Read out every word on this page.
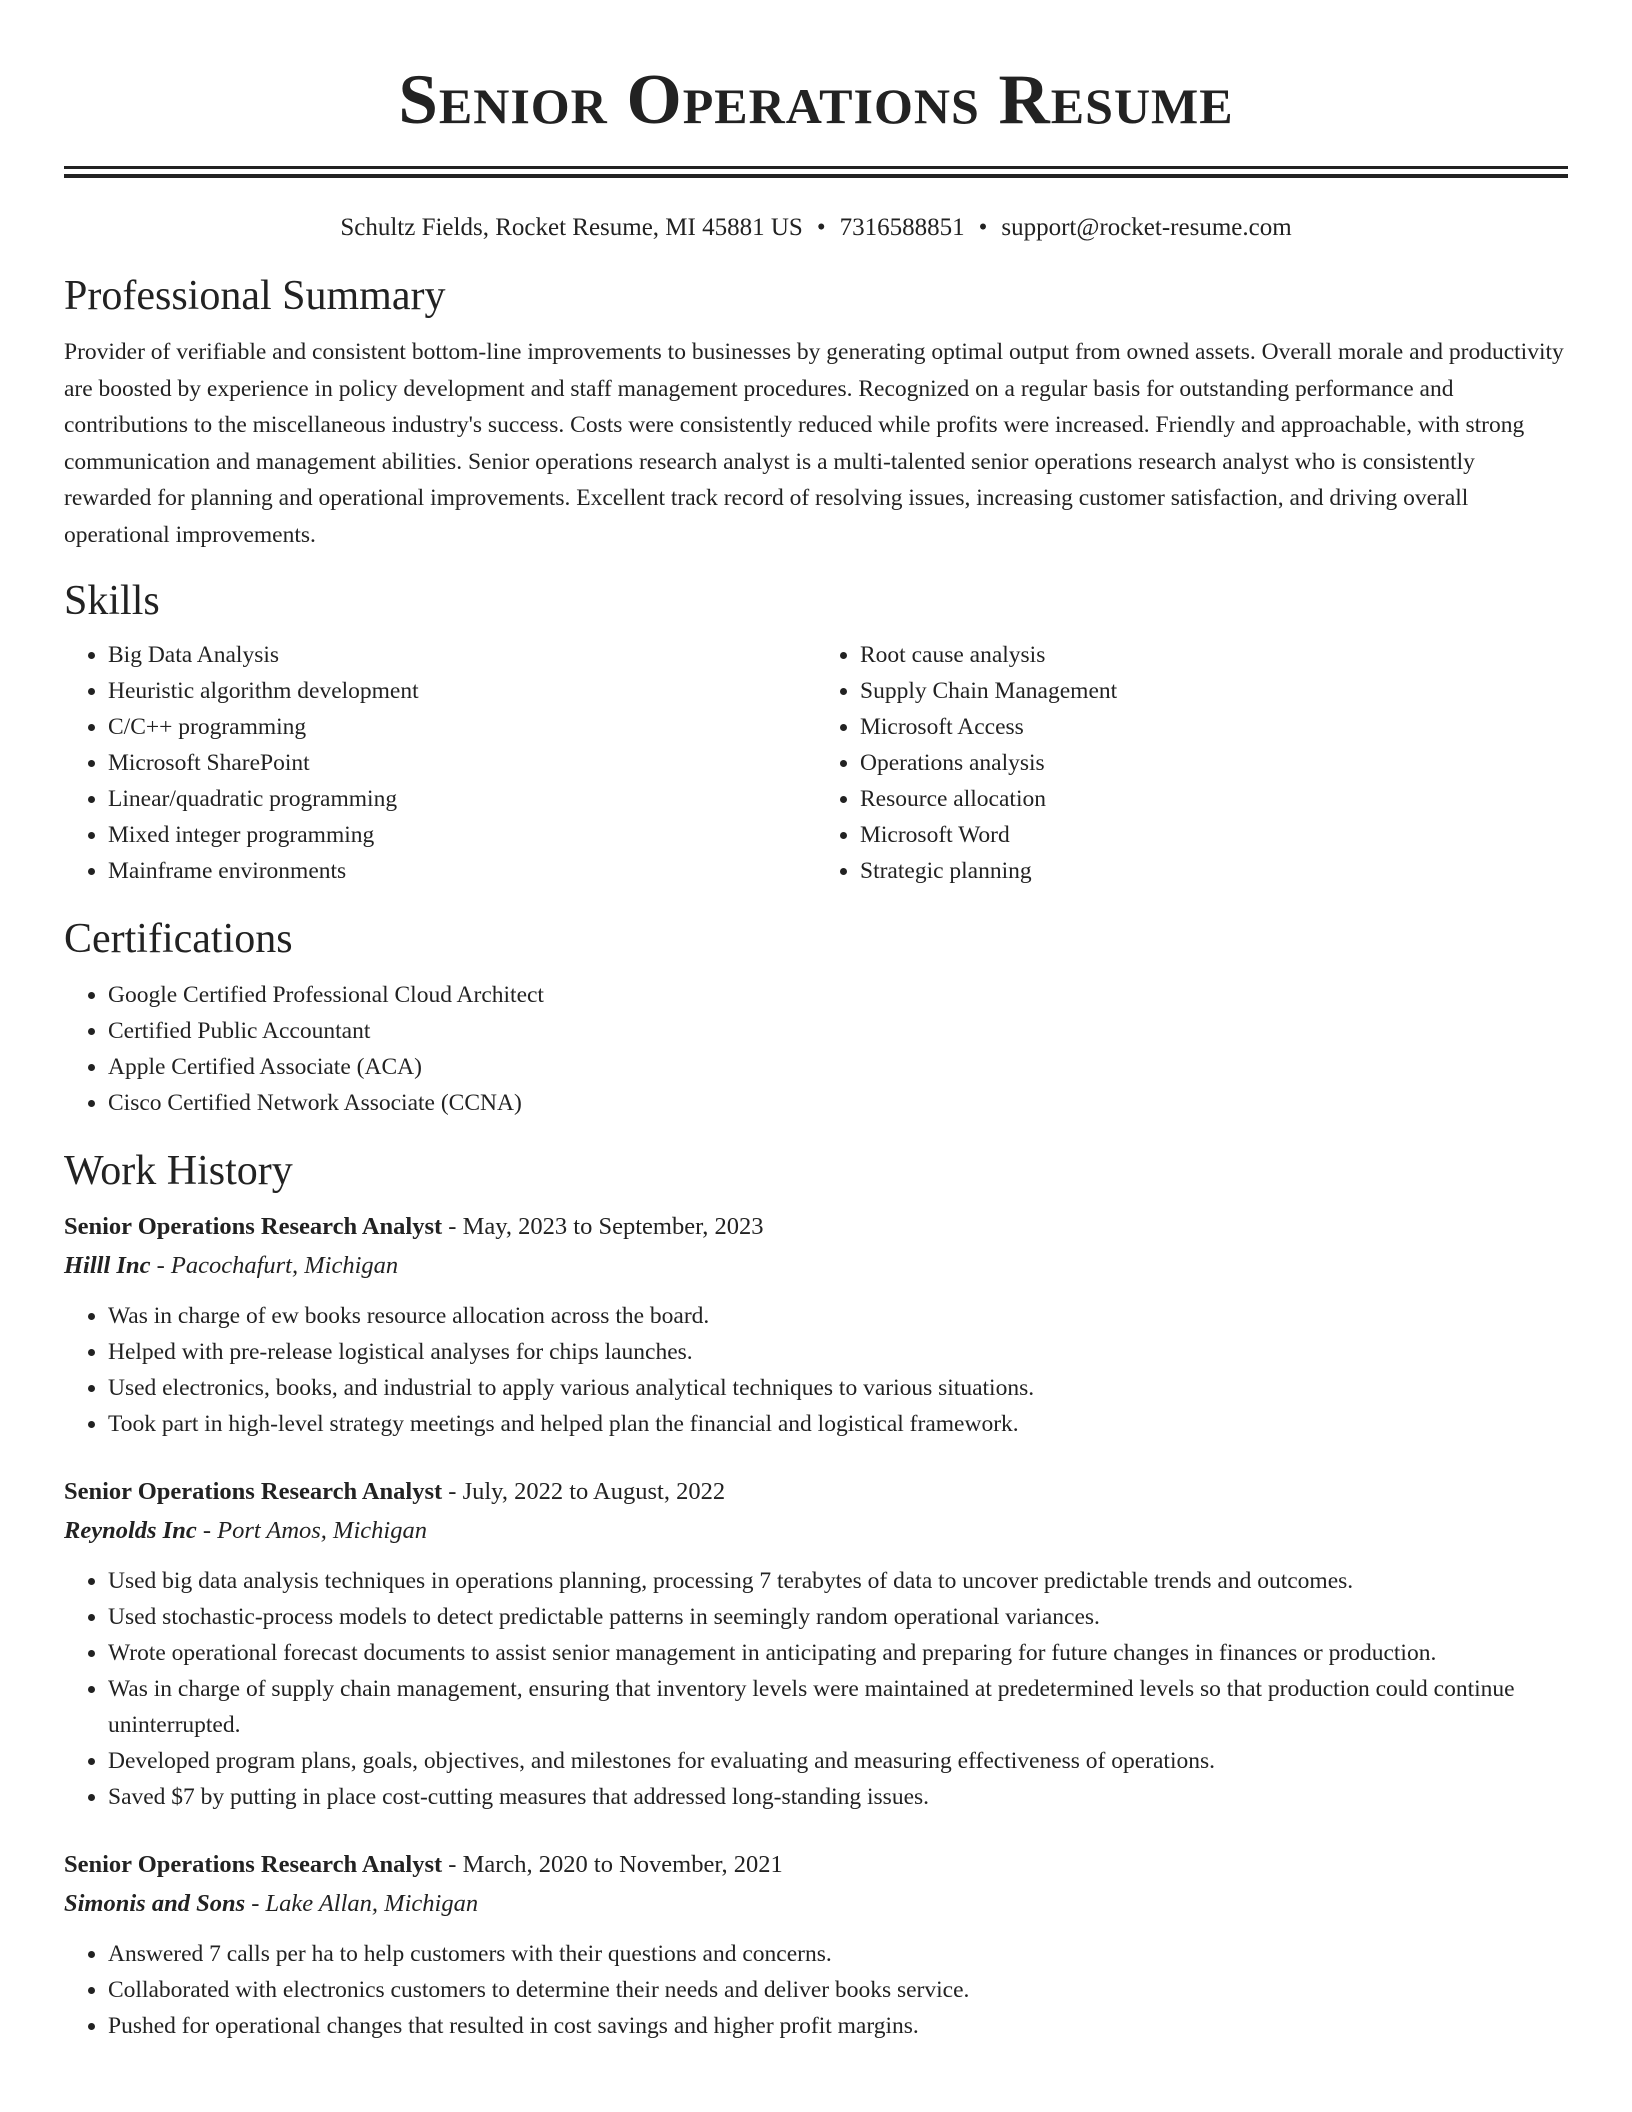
Senior Operations Resume
Schultz Fields, Rocket Resume, MI 45881 US • 7316588851 • support@rocket-resume.com
Professional Summary

Provider of verifiable and consistent bottom-line improvements to businesses by generating optimal output from owned assets. Overall morale and productivity are boosted by experience in policy development and staff management procedures. Recognized on a regular basis for outstanding performance and contributions to the miscellaneous industry's success. Costs were consistently reduced while profits were increased. Friendly and approachable, with strong communication and management abilities. Senior operations research analyst is a multi-talented senior operations research analyst who is consistently rewarded for planning and operational improvements. Excellent track record of resolving issues, increasing customer satisfaction, and driving overall operational improvements.

Skills
• Big Data Analysis
• Heuristic algorithm development
• C/C++ programming
• Microsoft SharePoint
• Linear/quadratic programming
• Mixed integer programming
• Mainframe environments
• Root cause analysis
• Supply Chain Management
• Microsoft Access
• Operations analysis
• Resource allocation
• Microsoft Word
• Strategic planning
Certifications
• Google Certified Professional Cloud Architect
• Certified Public Accountant
• Apple Certified Associate (ACA)
• Cisco Certified Network Associate (CCNA)
Work History

Senior Operations Research Analyst - May, 2023 to September, 2023

Hilll Inc - Pacochafurt, Michigan

• Was in charge of ew books resource allocation across the board.
• Helped with pre-release logistical analyses for chips launches.
• Used electronics, books, and industrial to apply various analytical techniques to various situations.
• Took part in high-level strategy meetings and helped plan the financial and logistical framework.

Senior Operations Research Analyst - July, 2022 to August, 2022

Reynolds Inc - Port Amos, Michigan

• Used big data analysis techniques in operations planning, processing 7 terabytes of data to uncover predictable trends and outcomes.
• Used stochastic-process models to detect predictable patterns in seemingly random operational variances.
• Wrote operational forecast documents to assist senior management in anticipating and preparing for future changes in finances or production.
• Was in charge of supply chain management, ensuring that inventory levels were maintained at predetermined levels so that production could continue uninterrupted.
• Developed program plans, goals, objectives, and milestones for evaluating and measuring effectiveness of operations.
• Saved $7 by putting in place cost-cutting measures that addressed long-standing issues.

Senior Operations Research Analyst - March, 2020 to November, 2021

Simonis and Sons - Lake Allan, Michigan

• Answered 7 calls per ha to help customers with their questions and concerns.
• Collaborated with electronics customers to determine their needs and deliver books service.
• Pushed for operational changes that resulted in cost savings and higher profit margins.
